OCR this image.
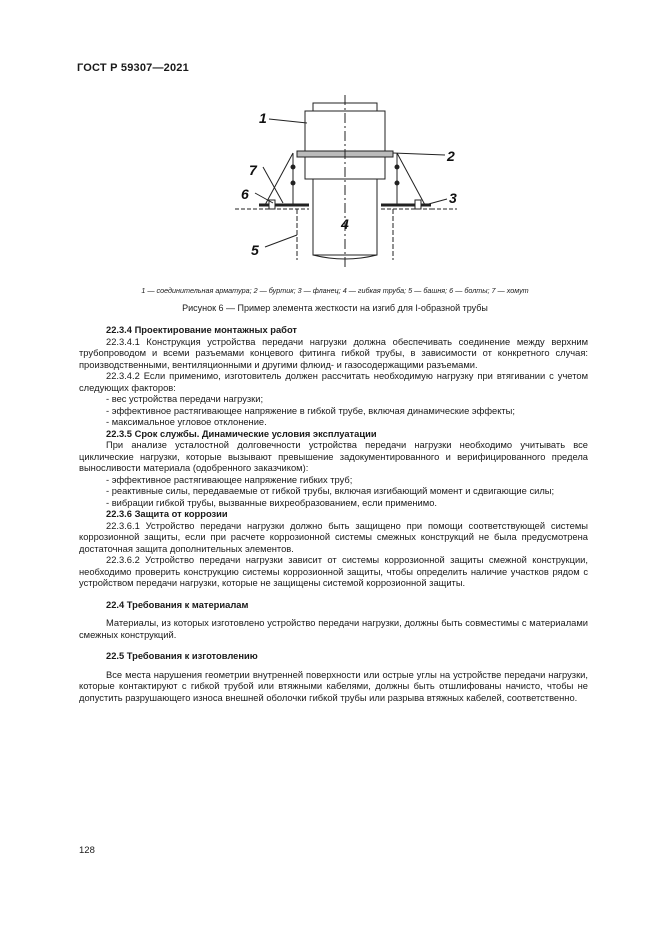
ГОСТ Р 59307—2021
1
2
7
6	3
4
5
1 — соединительная арматура; 2 — буртик; 3 — фланец; 4 — гибкая труба; 5 — башня; 6 — болты; 7 — хомут
Рисунок 6 — Пример элемента жесткости на изгиб для I-образной трубы
22.3.4 Проектирование монтажных работ

22.3.4.1 Конструкция устройства передачи нагрузки должна обеспечивать соединение между верхним трубопроводом и всеми разъемами концевого фитинга гибкой трубы, в зависимости от конкретного случая: производственными, вентиляционными и другими флюид- и газосодержащими разъемами.

22.3.4.2 Если применимо, изготовитель должен рассчитать необходимую нагрузку при втягивании с учетом следующих факторов:

- вес устройства передачи нагрузки;

- эффективное растягивающее напряжение в гибкой трубе, включая динамические эффекты;

- максимальное угловое отклонение.

22.3.5 Срок службы. Динамические условия эксплуатации

При анализе усталостной долговечности устройства передачи нагрузки необходимо учитывать все циклические нагрузки, которые вызывают превышение задокументированного и верифицированного предела выносливости материала (одобренного заказчиком):

- эффективное растягивающее напряжение гибких труб;

- реактивные силы, передаваемые от гибкой трубы, включая изгибающий момент и сдвигающие силы;

- вибрации гибкой трубы, вызванные вихреобразованием, если применимо.

22.3.6 Защита от коррозии

22.3.6.1 Устройство передачи нагрузки должно быть защищено при помощи соответствующей системы коррозионной защиты, если при расчете коррозионной системы смежных конструкций не была предусмотрена достаточная защита дополнительных элементов.

22.3.6.2 Устройство передачи нагрузки зависит от системы коррозионной защиты смежной конструкции, необходимо проверить конструкцию системы коррозионной защиты, чтобы определить наличие участков рядом с устройством передачи нагрузки, которые не защищены системой коррозионной защиты.

22.4 Требования к материалам

Материалы, из которых изготовлено устройство передачи нагрузки, должны быть совместимы с материалами смежных конструкций.

22.5 Требования к изготовлению

Все места нарушения геометрии внутренней поверхности или острые углы на устройстве передачи нагрузки, которые контактируют с гибкой трубой или втяжными кабелями, должны быть отшлифованы начисто, чтобы не допустить разрушающего износа внешней оболочки гибкой трубы или разрыва втяжных кабелей, соответственно.

128
